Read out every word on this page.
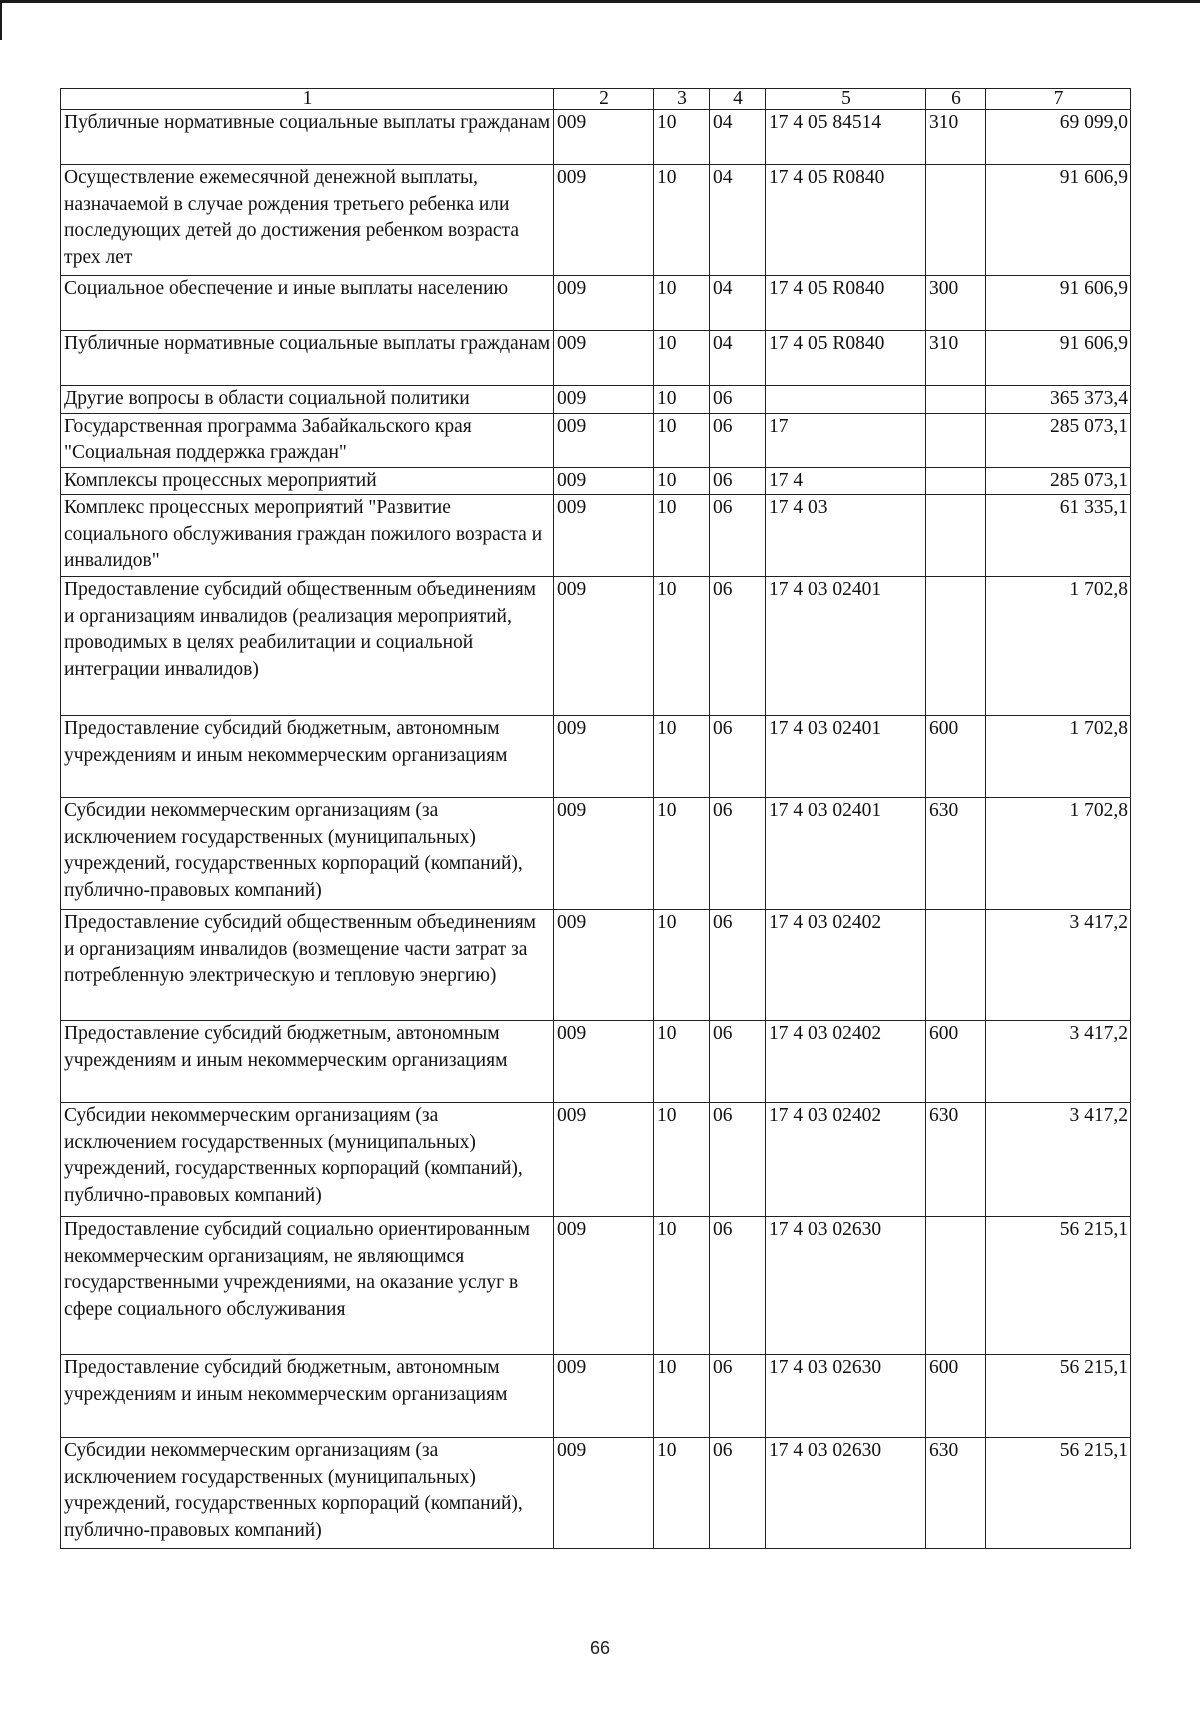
1	2	3	4	5	6	7
Публичные нормативные социальные выплаты гражданам	009	10	04	17 4 05 84514	310	69 099,0
Осуществление ежемесячной денежной выплаты, назначаемой в случае рождения третьего ребенка или последующих детей до достижения ребенком возраста трех лет	009	10	04	17 4 05 R0840		91 606,9
Социальное обеспечение и иные выплаты населению	009	10	04	17 4 05 R0840	300	91 606,9
Публичные нормативные социальные выплаты гражданам	009	10	04	17 4 05 R0840	310	91 606,9
Другие вопросы в области социальной политики	009	10	06			365 373,4
Государственная программа Забайкальского края "Социальная поддержка граждан"	009	10	06	17		285 073,1
Комплексы процессных мероприятий	009	10	06	17 4		285 073,1
Комплекс процессных мероприятий "Развитие социального обслуживания граждан пожилого возраста и инвалидов"	009	10	06	17 4 03		61 335,1
Предоставление субсидий общественным объединениям и организациям инвалидов (реализация мероприятий, проводимых в целях реабилитации и социальной интеграции инвалидов)	009	10	06	17 4 03 02401		1 702,8
Предоставление субсидий бюджетным, автономным учреждениям и иным некоммерческим организациям	009	10	06	17 4 03 02401	600	1 702,8
Субсидии некоммерческим организациям (за исключением государственных (муниципальных) учреждений, государственных корпораций (компаний), публично-правовых компаний)	009	10	06	17 4 03 02401	630	1 702,8
Предоставление субсидий общественным объединениям и организациям инвалидов (возмещение части затрат за потребленную электрическую и тепловую энергию)	009	10	06	17 4 03 02402		3 417,2
Предоставление субсидий бюджетным, автономным учреждениям и иным некоммерческим организациям	009	10	06	17 4 03 02402	600	3 417,2
Субсидии некоммерческим организациям (за исключением государственных (муниципальных) учреждений, государственных корпораций (компаний), публично-правовых компаний)	009	10	06	17 4 03 02402	630	3 417,2
Предоставление субсидий социально ориентированным некоммерческим организациям, не являющимся государственными учреждениями, на оказание услуг в сфере социального обслуживания	009	10	06	17 4 03 02630		56 215,1
Предоставление субсидий бюджетным, автономным учреждениям и иным некоммерческим организациям	009	10	06	17 4 03 02630	600	56 215,1
Субсидии некоммерческим организациям (за исключением государственных (муниципальных) учреждений, государственных корпораций (компаний), публично-правовых компаний)	009	10	06	17 4 03 02630	630	56 215,1
66
